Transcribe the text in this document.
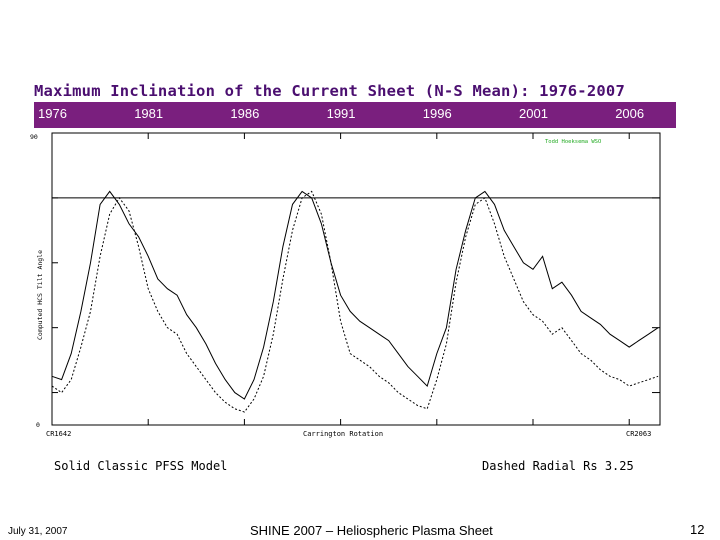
Maximum Inclination of the Current Sheet (N-S Mean): 1976-2007
1976	1981	1986	1991	1996	2001	2006
90
0
Computed HCS Tilt Angle
CR1642	Carrington Rotation	CR2063
Todd Hoeksema WSO
Solid Classic PFSS Model	Dashed Radial Rs 3.25
July 31, 2007	SHINE 2007 – Heliospheric Plasma Sheet	12
